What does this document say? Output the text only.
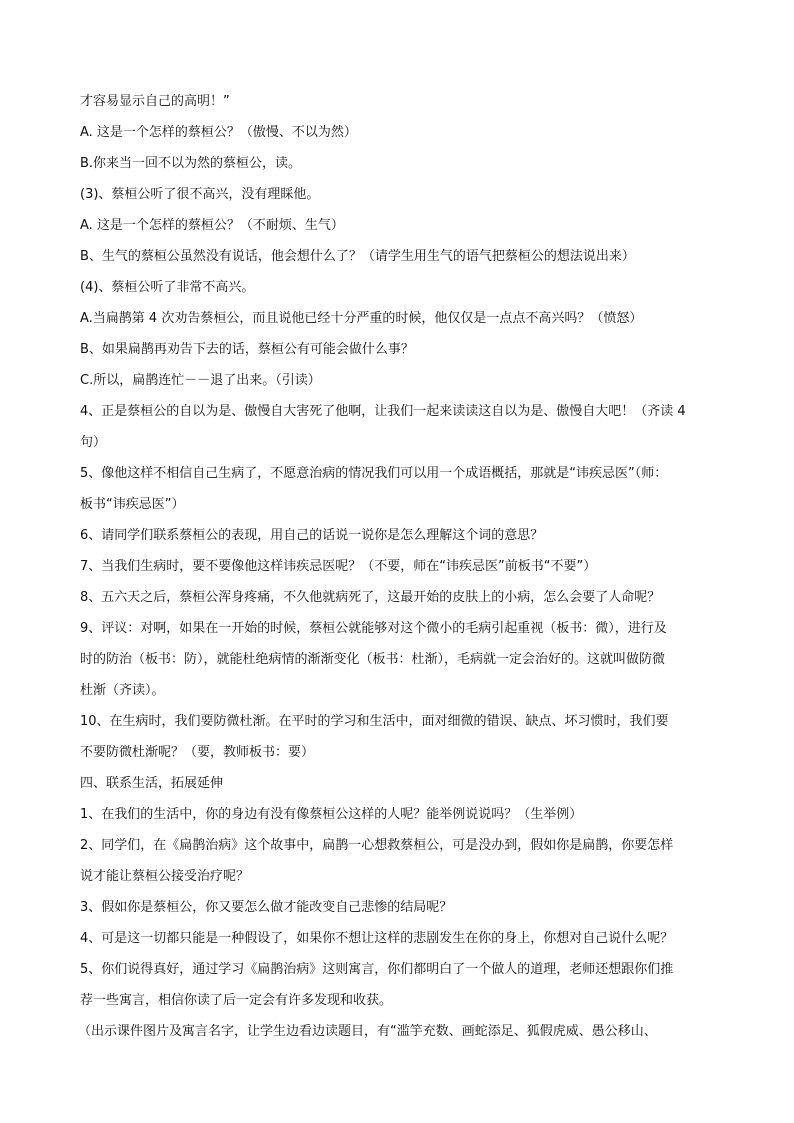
才容易显示自己的高明！”

A. 这是一个怎样的蔡桓公？（傲慢、不以为然）

B.你来当一回不以为然的蔡桓公，读。

(3)、蔡桓公听了很不高兴，没有理睬他。

A. 这是一个怎样的蔡桓公？（不耐烦、生气）

B、生气的蔡桓公虽然没有说话，他会想什么了？（请学生用生气的语气把蔡桓公的想法说出来）

(4)、蔡桓公听了非常不高兴。

A.当扁鹊第 4 次劝告蔡桓公，而且说他已经十分严重的时候，他仅仅是一点点不高兴吗？（愤怒）

B、如果扁鹊再劝告下去的话，蔡桓公有可能会做什么事？

C.所以，扁鹊连忙－－退了出来。（引读）

4、正是蔡桓公的自以为是、傲慢自大害死了他啊，让我们一起来读读这自以为是、傲慢自大吧！（齐读 4

句）

5、像他这样不相信自己生病了，不愿意治病的情况我们可以用一个成语概括，那就是“讳疾忌医”（师：

板书“讳疾忌医”）

6、请同学们联系蔡桓公的表现，用自己的话说一说你是怎么理解这个词的意思？

7、当我们生病时，要不要像他这样讳疾忌医呢？（不要，师在“讳疾忌医”前板书“不要”）

8、五六天之后，蔡桓公浑身疼痛，不久他就病死了，这最开始的皮肤上的小病，怎么会要了人命呢？

9、评议：对啊，如果在一开始的时候，蔡桓公就能够对这个微小的毛病引起重视（板书：微），进行及

时的防治（板书：防），就能杜绝病情的渐渐变化（板书：杜渐），毛病就一定会治好的。这就叫做防微

杜渐（齐读）。

10、在生病时，我们要防微杜渐。在平时的学习和生活中，面对细微的错误、缺点、坏习惯时，我们要

不要防微杜渐呢？（要，教师板书：要）

四、联系生活，拓展延伸

1、在我们的生活中，你的身边有没有像蔡桓公这样的人呢？能举例说说吗？（生举例）

2、同学们，在《扁鹊治病》这个故事中，扁鹊一心想救蔡桓公，可是没办到，假如你是扁鹊，你要怎样

说才能让蔡桓公接受治疗呢？

3、假如你是蔡桓公，你又要怎么做才能改变自己悲惨的结局呢？

4、可是这一切都只能是一种假设了，如果你不想让这样的悲剧发生在你的身上，你想对自己说什么呢？

5、你们说得真好，通过学习《扁鹊治病》这则寓言，你们都明白了一个做人的道理，老师还想跟你们推

荐一些寓言，相信你读了后一定会有许多发现和收获。

（出示课件图片及寓言名字，让学生边看边读题目，有“滥竽充数、画蛇添足、狐假虎威、愚公移山、
